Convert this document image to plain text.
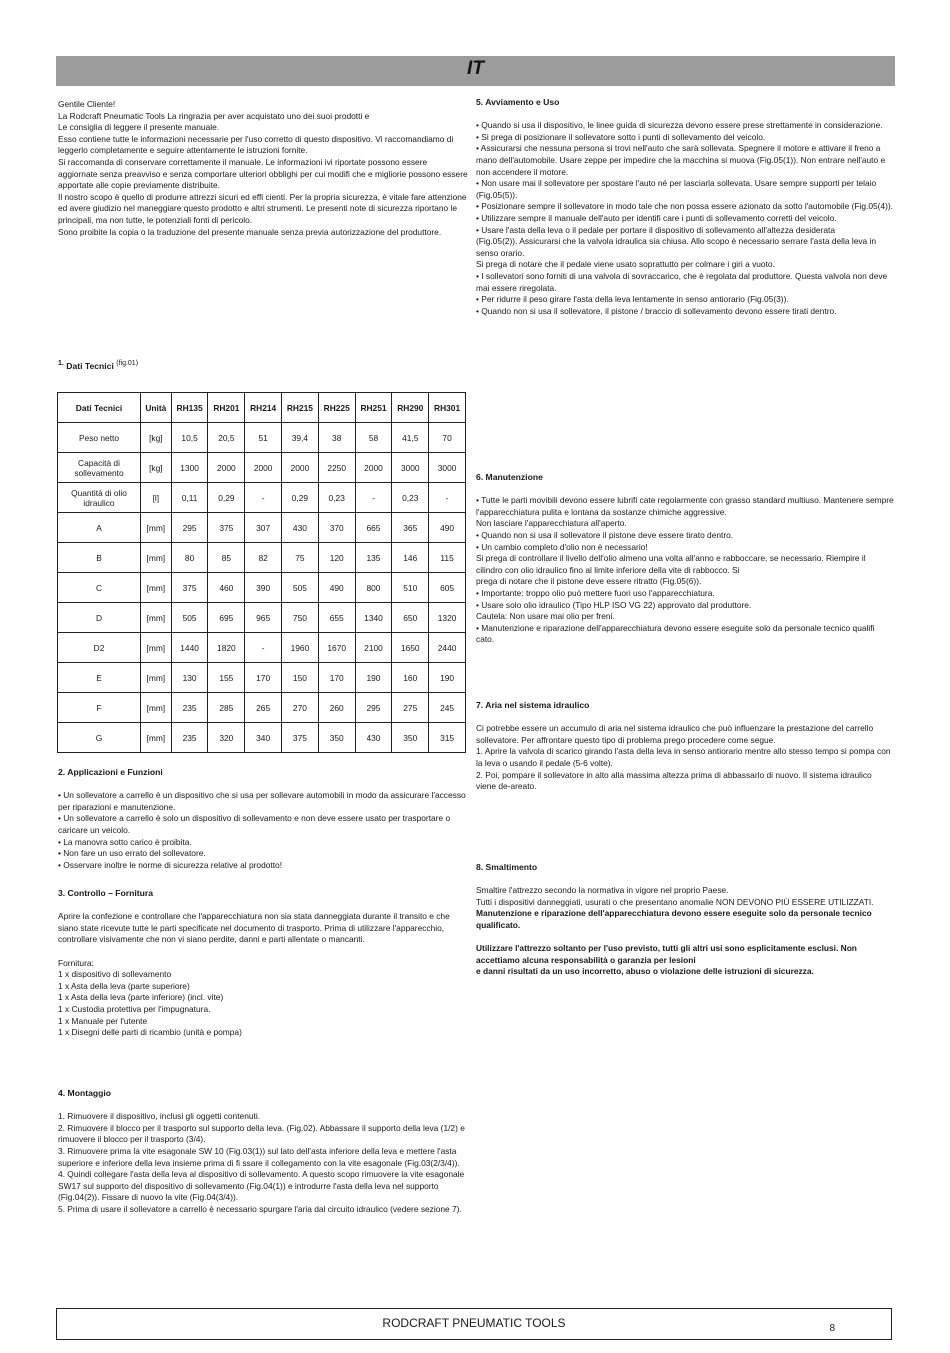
IT

Gentile Cliente!

La Rodcraft Pneumatic Tools La ringrazia per aver acquistato uno dei suoi prodotti e

Le consiglia di leggere il presente manuale.

Esso contiene tutte le informazioni necessarie per l'uso corretto di questo dispositivo. Vi raccomandiamo di leggerlo completamente e seguire attentamente le istruzioni fornite.

Si raccomanda di conservare correttamente il manuale. Le informazioni ivi riportate possono essere aggiornate senza preavviso e senza comportare ulteriori obblighi per cui modifi che e migliorie possono essere apportate alle copie previamente distribuite.

Il nostro scopo è quello di produrre attrezzi sicuri ed effi cienti. Per la propria sicurezza, è vitale fare attenzione ed avere giudizio nel maneggiare questo prodotto e altri strumenti. Le presenti note di sicurezza riportano le principali, ma non tutte, le potenziali fonti di pericolo.

Sono proibite la copia o la traduzione del presente manuale senza previa autorizzazione del produttore.

$^{1.}$ Dati Tecnici $^{(fig.01)}$

Dati Tecnici	Unità	RH135	RH201	RH214	RH215	RH225	RH251	RH290	RH301
Peso netto	[kg]	10,5	20,5	51	39,4	38	58	41,5	70
Capacità di sollevamento	[kg]	1300	2000	2000	2000	2250	2000	3000	3000
Quantità di olio idraulico	[l]	0,11	0,29	-	0,29	0,23	-	0,23	-
A	[mm]	295	375	307	430	370	665	365	490
B	[mm]	80	85	82	75	120	135	146	115
C	[mm]	375	460	390	505	490	800	510	605
D	[mm]	505	695	965	750	655	1340	650	1320
D2	[mm]	1440	1820	-	1960	1670	2100	1650	2440
E	[mm]	130	155	170	150	170	190	160	190
F	[mm]	235	285	265	270	260	295	275	245
G	[mm]	235	320	340	375	350	430	350	315

2. Applicazioni e Funzioni

• Un sollevatore a carrello è un dispositivo che si usa per sollevare automobili in modo da assicurare l'accesso per riparazioni e manutenzione.

• Un sollevatore a carrello è solo un dispositivo di sollevamento e non deve essere usato per trasportare o caricare un veicolo.

• La manovra sotto carico è proibita.

• Non fare un uso errato del sollevatore.

• Osservare inoltre le norme di sicurezza relative al prodotto!

3. Controllo – Fornitura

Aprire la confezione e controllare che l'apparecchiatura non sia stata danneggiata durante il transito e che siano state ricevute tutte le parti specificate nel documento di trasporto. Prima di utilizzare l'apparecchio, controllare visivamente che non vi siano perdite, danni e parti allentate o mancanti.

Fornitura:

1 x dispositivo di sollevamento

1 x Asta della leva (parte superiore)

1 x Asta della leva (parte inferiore) (incl. vite)

1 x Custodia protettiva per l'impugnatura.

1 x Manuale per l'utente

1 x Disegni delle parti di ricambio (unità e pompa)

4. Montaggio

1. Rimuovere il dispositivo, inclusi gli oggetti contenuti.

2. Rimuovere il blocco per il trasporto sul supporto della leva. (Fig.02). Abbassare il supporto della leva (1/2) e rimuovere il blocco per il trasporto (3/4).

3. Rimuovere prima la vite esagonale SW 10 (Fig.03(1)) sul lato dell'asta inferiore della leva e mettere l'asta superiore e inferiore della leva insieme prima di fi ssare il collegamento con la vite esagonale (Fig.03(2/3/4)).

4. Quindi collegare l'asta della leva al dispositivo di sollevamento. A questo scopo rimuovere la vite esagonale SW17 sul supporto del dispositivo di sollevamento (Fig.04(1)) e introdurre l'asta della leva nel supporto (Fig.04(2)). Fissare di nuovo la vite (Fig.04(3/4)).

5. Prima di usare il sollevatore a carrello è necessario spurgare l'aria dal circuito idraulico (vedere sezione 7).

5. Avviamento e Uso

• Quando si usa il dispositivo, le linee guida di sicurezza devono essere prese strettamente in considerazione.

• Si prega di posizionare il sollevatore sotto i punti di sollevamento del veicolo.

• Assicurarsi che nessuna persona si trovi nell'auto che sarà sollevata. Spegnere il motore e attivare il freno a mano dell'automobile. Usare zeppe per impedire che la macchina si muova (Fig.05(1)). Non entrare nell'auto e non accendere il motore.

• Non usare mai il sollevatore per spostare l'auto né per lasciarla sollevata. Usare sempre supporti per telaio (Fig.05(5)).

• Posizionare sempre il sollevatore in modo tale che non possa essere azionato da sotto l'automobile (Fig.05(4)).

• Utilizzare sempre il manuale dell'auto per identifi care i punti di sollevamento corretti del veicolo.

• Usare l'asta della leva o il pedale per portare il dispositivo di sollevamento all'altezza desiderata

(Fig.05(2)). Assicurarsi che la valvola idraulica sia chiusa. Allo scopo è necessario serrare l'asta della leva in senso orario.

Si prega di notare che il pedale viene usato soprattutto per colmare i giri a vuoto.

• I sollevatori sono forniti di una valvola di sovraccarico, che è regolata dal produttore. Questa valvola non deve mai essere riregolata.

• Per ridurre il peso girare l'asta della leva lentamente in senso antiorario (Fig.05(3)).

• Quando non si usa il sollevatore, il pistone / braccio di sollevamento devono essere tirati dentro.

6. Manutenzione

• Tutte le parti movibili devono essere lubrifi cate regolarmente con grasso standard multiuso. Mantenere sempre l'apparecchiatura pulita e lontana da sostanze chimiche aggressive.

Non lasciare l'apparecchiatura all'aperto.

• Quando non si usa il sollevatore il pistone deve essere tirato dentro.

• Un cambio completo d'olio non è necessario!

Si prega di controllare il livello dell'olio almeno una volta all'anno e rabboccare, se necessario. Riempire il cilindro con olio idraulico fino al limite inferiore della vite di rabbocco. Si

prega di notare che il pistone deve essere ritratto (Fig.05(6)).

• Importante: troppo olio può mettere fuori uso l'apparecchiatura.

• Usare solo olio idraulico (Tipo HLP ISO VG 22) approvato dal produttore.

Cautela: Non usare mai olio per freni.

• Manutenzione e riparazione dell'apparecchiatura devono essere eseguite solo da personale tecnico qualifi cato.

7. Aria nel sistema idraulico

Ci potrebbe essere un accumulo di aria nel sistema idraulico che può influenzare la prestazione del carrello sollevatore. Per affrontare questo tipo di problema prego procedere come segue.

1. Aprire la valvola di scarico girando l'asta della leva in senso antiorario mentre allo stesso tempo si pompa con la leva o usando il pedale (5-6 volte).

2. Poi, pompare il sollevatore in alto alla massima altezza prima di abbassarlo di nuovo. Il sistema idraulico viene de-areato.

8. Smaltimento

Smaltire l'attrezzo secondo la normativa in vigore nel proprio Paese.

Tutti i dispositivi danneggiati, usurati o che presentano anomalie NON DEVONO PIÙ ESSERE UTILIZZATI.

Manutenzione e riparazione dell'apparecchiatura devono essere eseguite solo da personale tecnico qualificato.

Utilizzare l'attrezzo soltanto per l'uso previsto, tutti gli altri usi sono esplicitamente esclusi. Non accettiamo alcuna responsabilità o garanzia per lesioni

e danni risultati da un uso incorretto, abuso o violazione delle istruzioni di sicurezza.

RODCRAFT PNEUMATIC TOOLS	8
